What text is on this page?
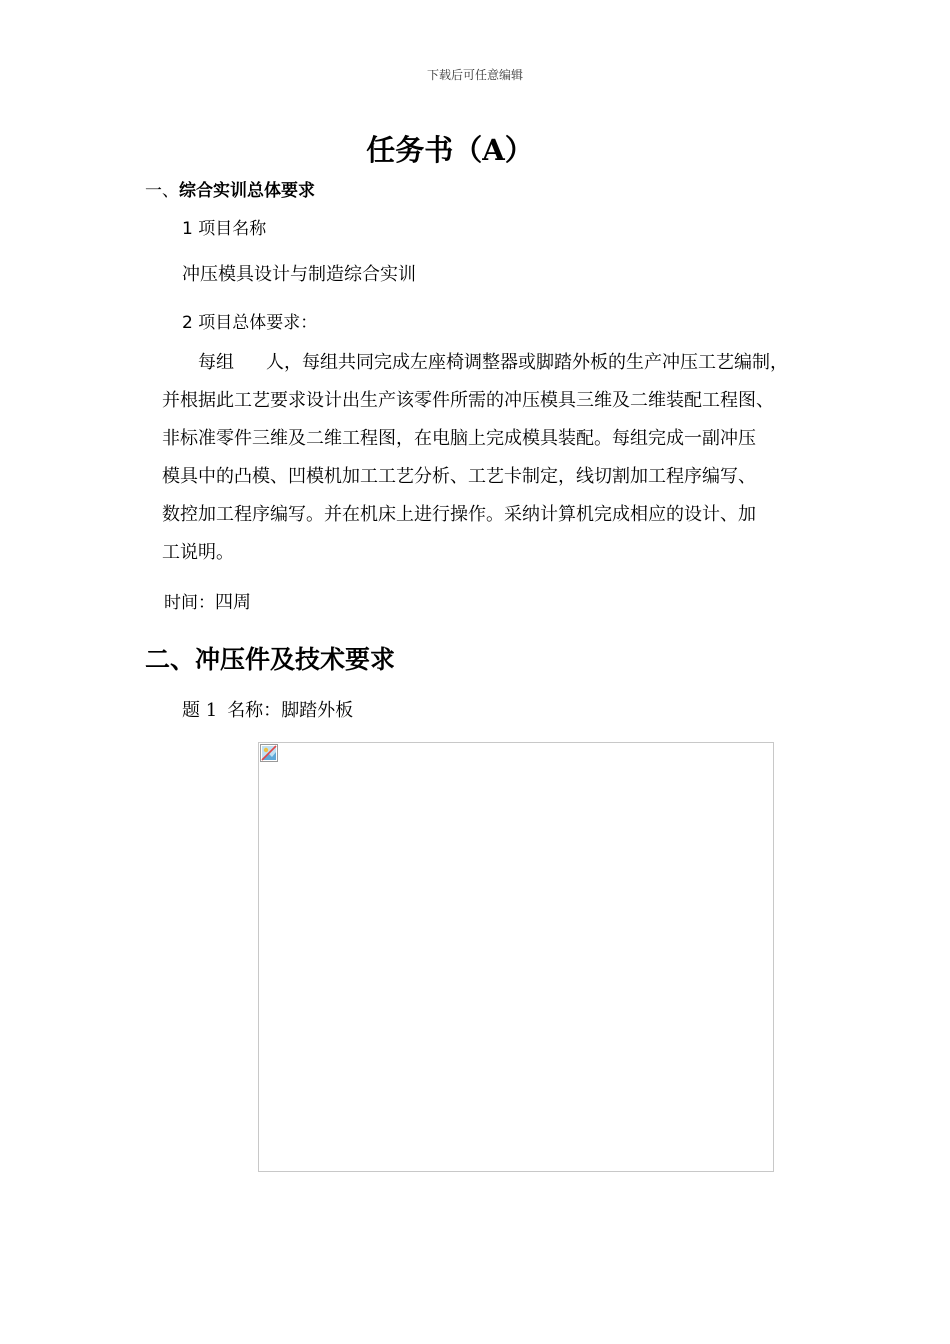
下载后可任意编辑
任务书（A）
一、综合实训总体要求
1 项目名称
冲压模具设计与制造综合实训
2 项目总体要求：
每组 人，每组共同完成左座椅调整器或脚踏外板的生产冲压工艺编制，
并根据此工艺要求设计出生产该零件所需的冲压模具三维及二维装配工程图、
非标准零件三维及二维工程图，在电脑上完成模具装配。每组完成一副冲压
模具中的凸模、凹模机加工工艺分析、工艺卡制定，线切割加工程序编写、
数控加工程序编写。并在机床上进行操作。采纳计算机完成相应的设计、加
工说明。
时间：四周
二、冲压件及技术要求
题 1 名称：脚踏外板
